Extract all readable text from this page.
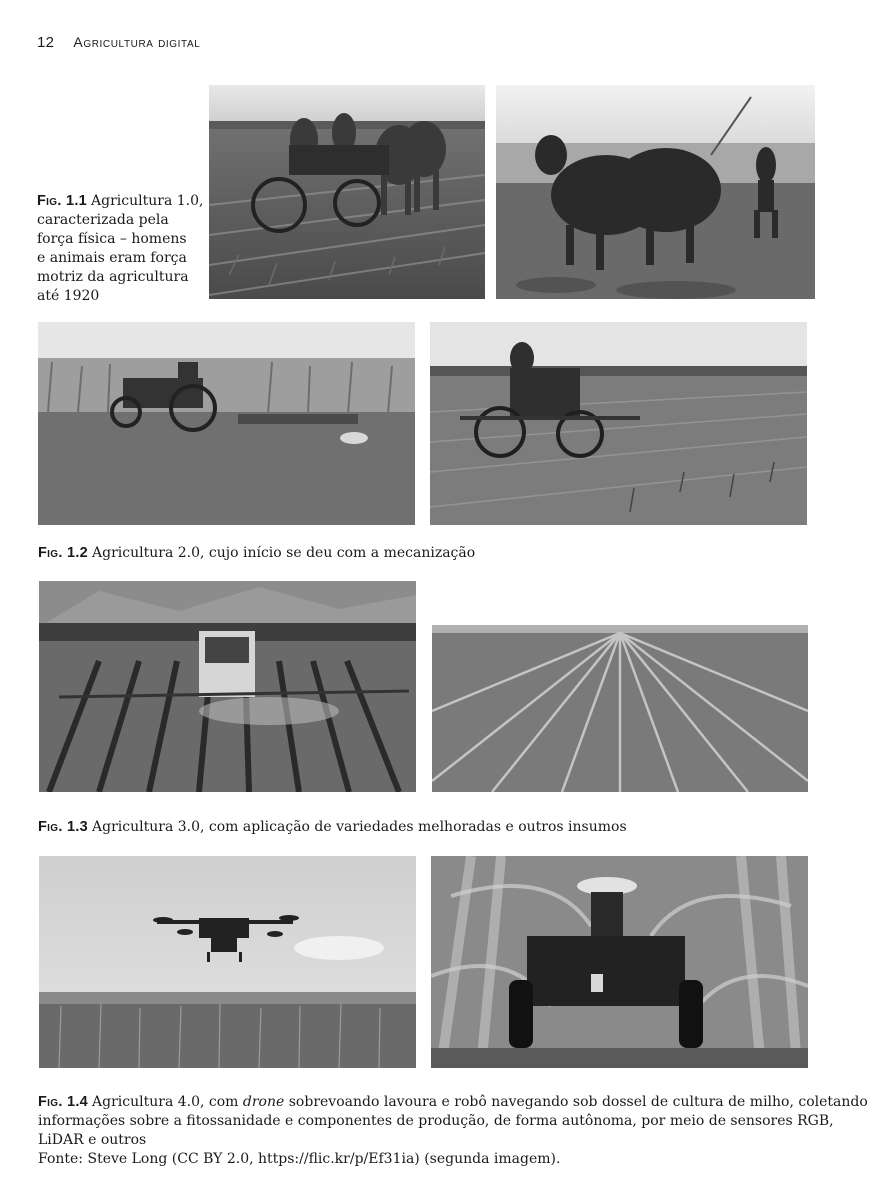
12 Agricultura digital
Fig. 1.1 Agricultura 1.0,
caracterizada pela
força física – homens
e animais eram força
motriz da agricultura
até 1920
Fig. 1.2 Agricultura 2.0, cujo início se deu com a mecanização
Fig. 1.3 Agricultura 3.0, com aplicação de variedades melhoradas e outros insumos
Fig. 1.4 Agricultura 4.0, com drone sobrevoando lavoura e robô navegando sob dossel de cultura de milho, coletando
informações sobre a fitossanidade e componentes de produção, de forma autônoma, por meio de sensores RGB,
LiDAR e outros
Fonte: Steve Long (CC BY 2.0, https://flic.kr/p/Ef31ia) (segunda imagem).
